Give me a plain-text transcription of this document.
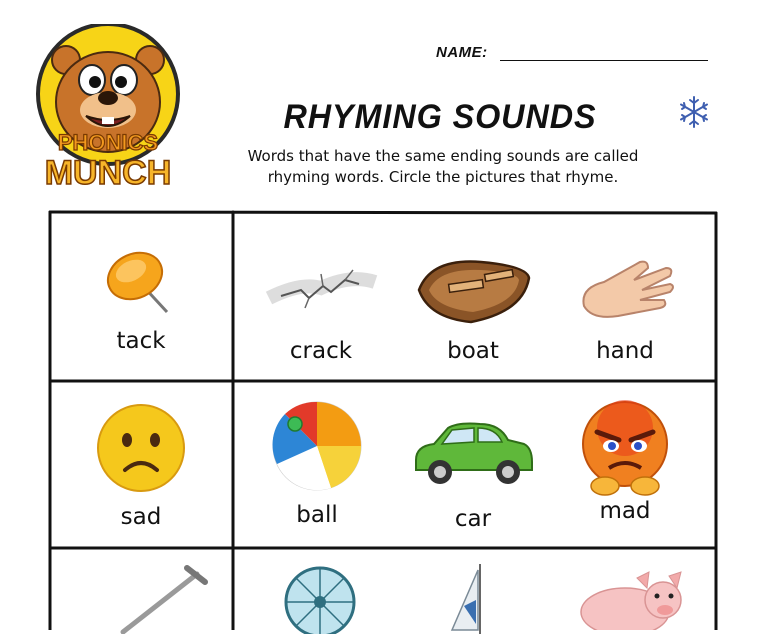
PHONICS
MUNCH
NAME:
RHYMING SOUNDS
Words that have the same ending sounds are called
rhyming words. Circle the pictures that rhyme.
tack	crack	boat	hand
sad	ball	car	mad
